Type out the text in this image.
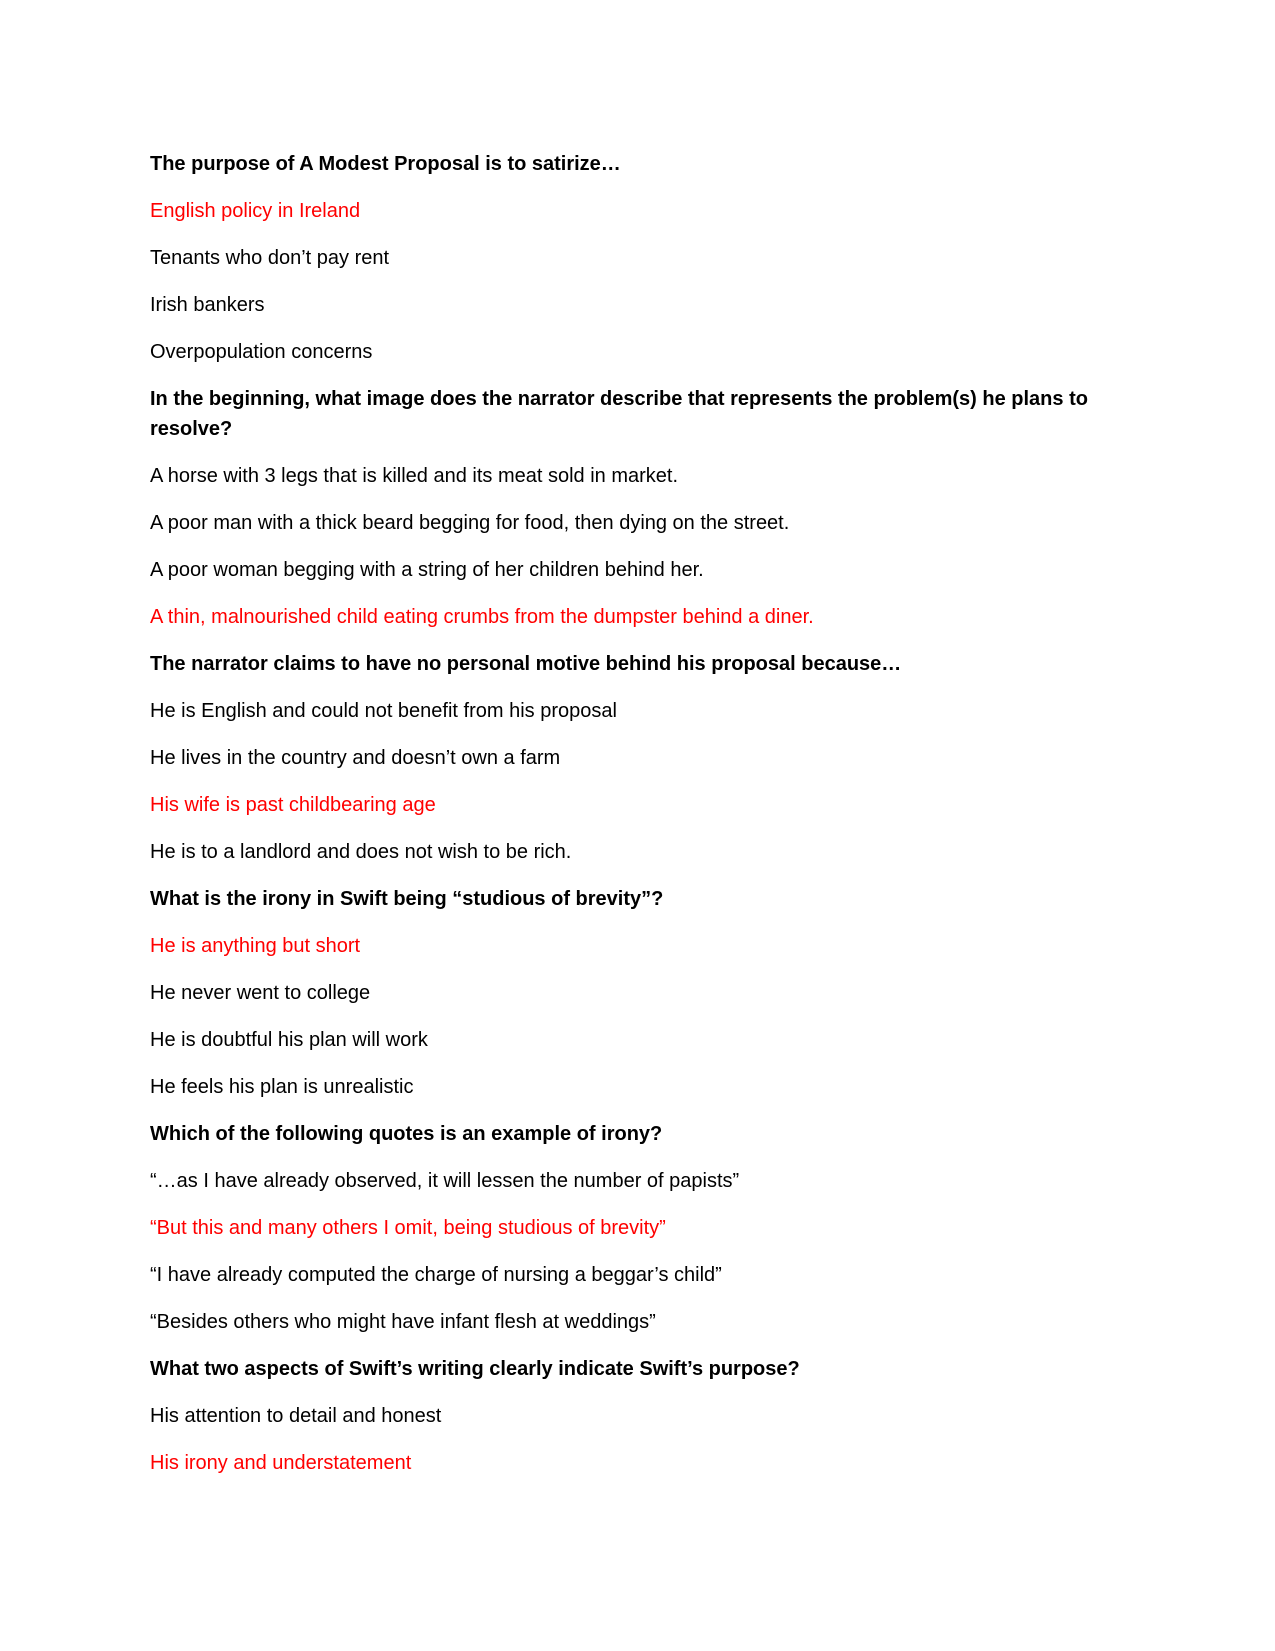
The purpose of A Modest Proposal is to satirize…
English policy in Ireland
Tenants who don’t pay rent
Irish bankers
Overpopulation concerns
In the beginning, what image does the narrator describe that represents the problem(s) he plans to resolve?
A horse with 3 legs that is killed and its meat sold in market.
A poor man with a thick beard begging for food, then dying on the street.
A poor woman begging with a string of her children behind her.
A thin, malnourished child eating crumbs from the dumpster behind a diner.
The narrator claims to have no personal motive behind his proposal because…
He is English and could not benefit from his proposal
He lives in the country and doesn’t own a farm
His wife is past childbearing age
He is to a landlord and does not wish to be rich.
What is the irony in Swift being “studious of brevity”?
He is anything but short
He never went to college
He is doubtful his plan will work
He feels his plan is unrealistic
Which of the following quotes is an example of irony?
“…as I have already observed, it will lessen the number of papists”
“But this and many others I omit, being studious of brevity”
“I have already computed the charge of nursing a beggar’s child”
“Besides others who might have infant flesh at weddings”
What two aspects of Swift’s writing clearly indicate Swift’s purpose?
His attention to detail and honest
His irony and understatement
